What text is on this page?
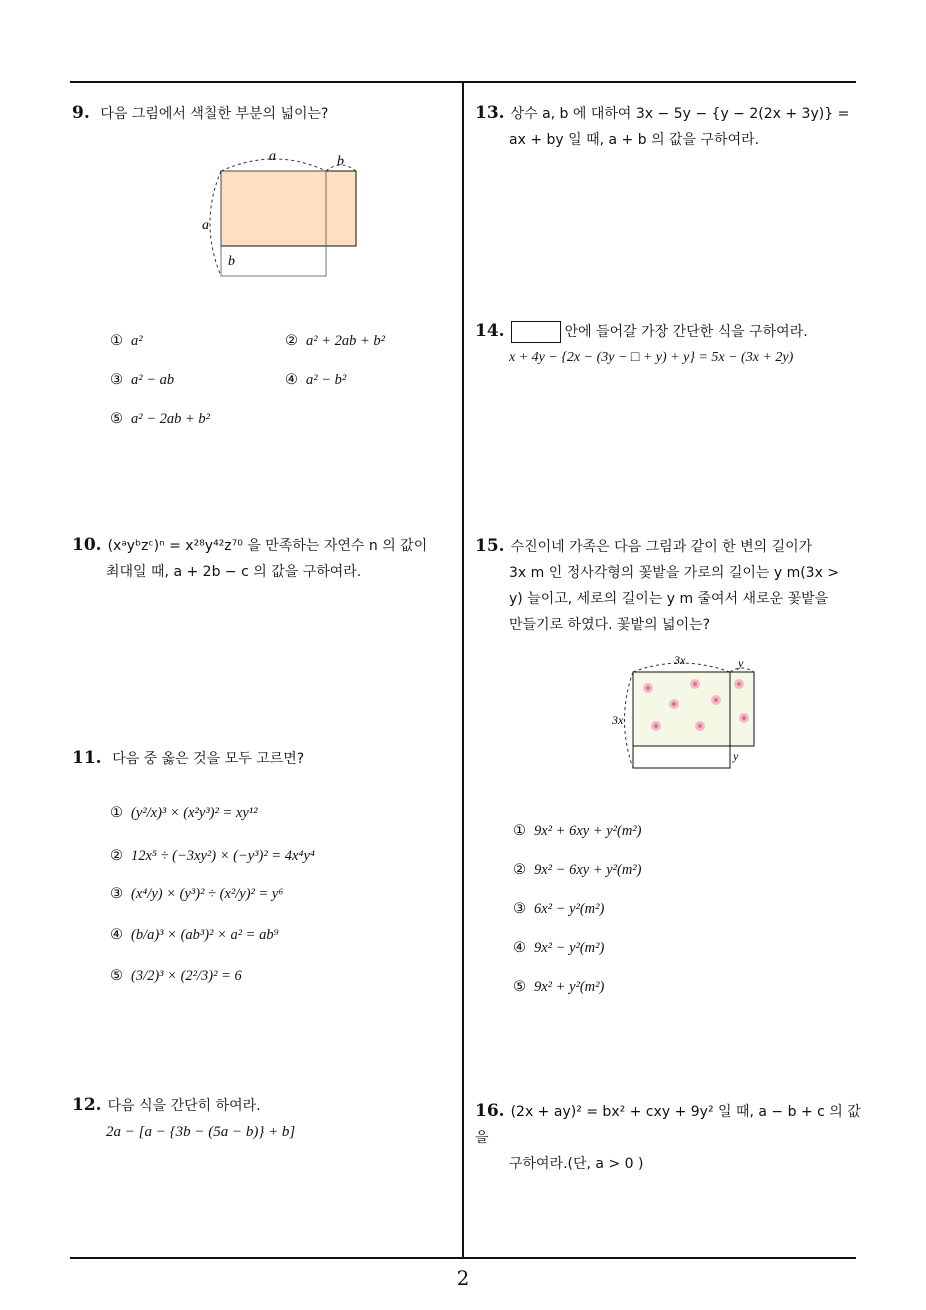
9. 다음 그림에서 색칠한 부분의 넓이는?
a	b
a
b
① a²	② a² + 2ab + b²
③ a² − ab	④ a² − b²
⑤ a² − 2ab + b²
10. (xᵃyᵇzᶜ)ⁿ = x²⁸y⁴²z⁷⁰ 을 만족하는 자연수 n 의 값이
최대일 때, a + 2b − c 의 값을 구하여라.
11. 다음 중 옳은 것을 모두 고르면?
① (y²/x)³ × (x²y³)² = xy¹²
② 12x⁵ ÷ (−3xy²) × (−y³)² = 4x⁴y⁴
③ (x⁴/y) × (y³)² ÷ (x²/y)² = y⁶
④ (b/a)³ × (ab³)² × a² = ab⁹
⑤ (3/2)³ × (2²/3)² = 6
12. 다음 식을 간단히 하여라.
2a − [a − {3b − (5a − b)} + b]
13. 상수 a, b 에 대하여 3x − 5y − {y − 2(2x + 3y)} =
ax + by 일 때, a + b 의 값을 구하여라.
14.	안에 들어갈 가장 간단한 식을 구하여라.
x + 4y − {2x − (3y − □ + y) + y} = 5x − (3x + 2y)
15. 수진이네 가족은 다음 그림과 같이 한 변의 길이가
3x m 인 정사각형의 꽃밭을 가로의 길이는 y m(3x >
y) 늘이고, 세로의 길이는 y m 줄여서 새로운 꽃밭을
만들기로 하였다. 꽃밭의 넓이는?
3x	y
3x
y
① 9x² + 6xy + y²(m²)
② 9x² − 6xy + y²(m²)
③ 6x² − y²(m²)
④ 9x² − y²(m²)
⑤ 9x² + y²(m²)
16. (2x + ay)² = bx² + cxy + 9y² 일 때, a − b + c 의 값을
구하여라.(단, a > 0 )
2
